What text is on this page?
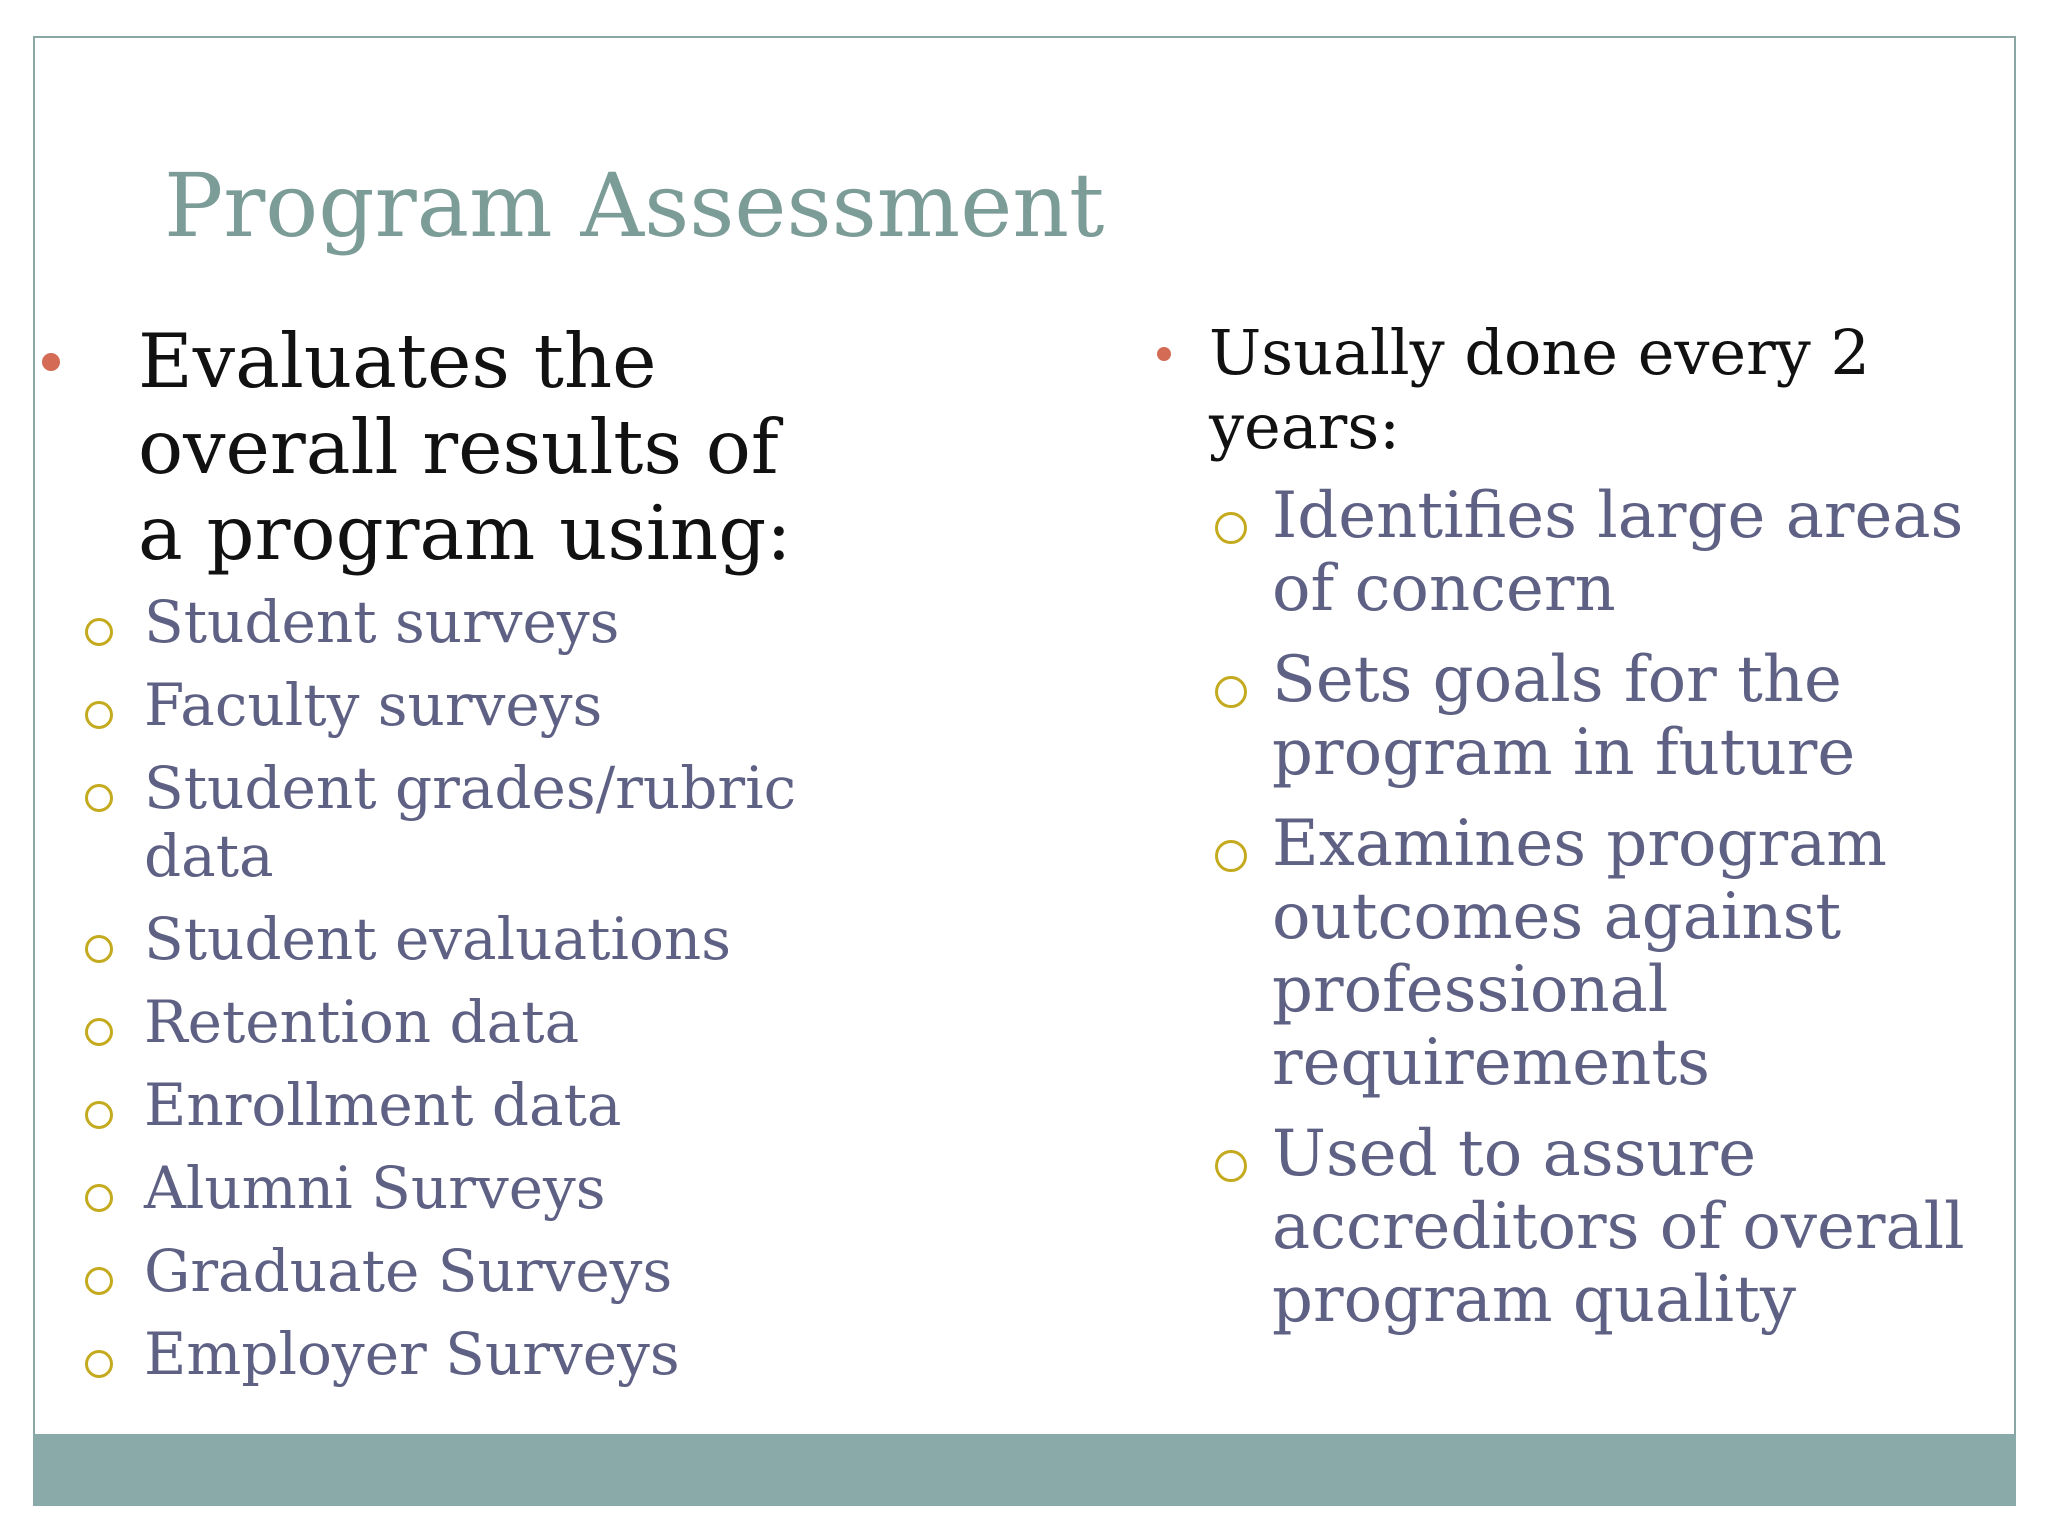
Program Assessment

Evaluates the overall results of a program using:

Student surveys
Faculty surveys
Student grades/rubric data
Student evaluations
Retention data
Enrollment data
Alumni Surveys
Graduate Surveys
Employer Surveys

Usually done every 2 years:

Identifies large areas of concern
Sets goals for the program in future
Examines program outcomes against professional requirements
Used to assure accreditors of overall program quality
